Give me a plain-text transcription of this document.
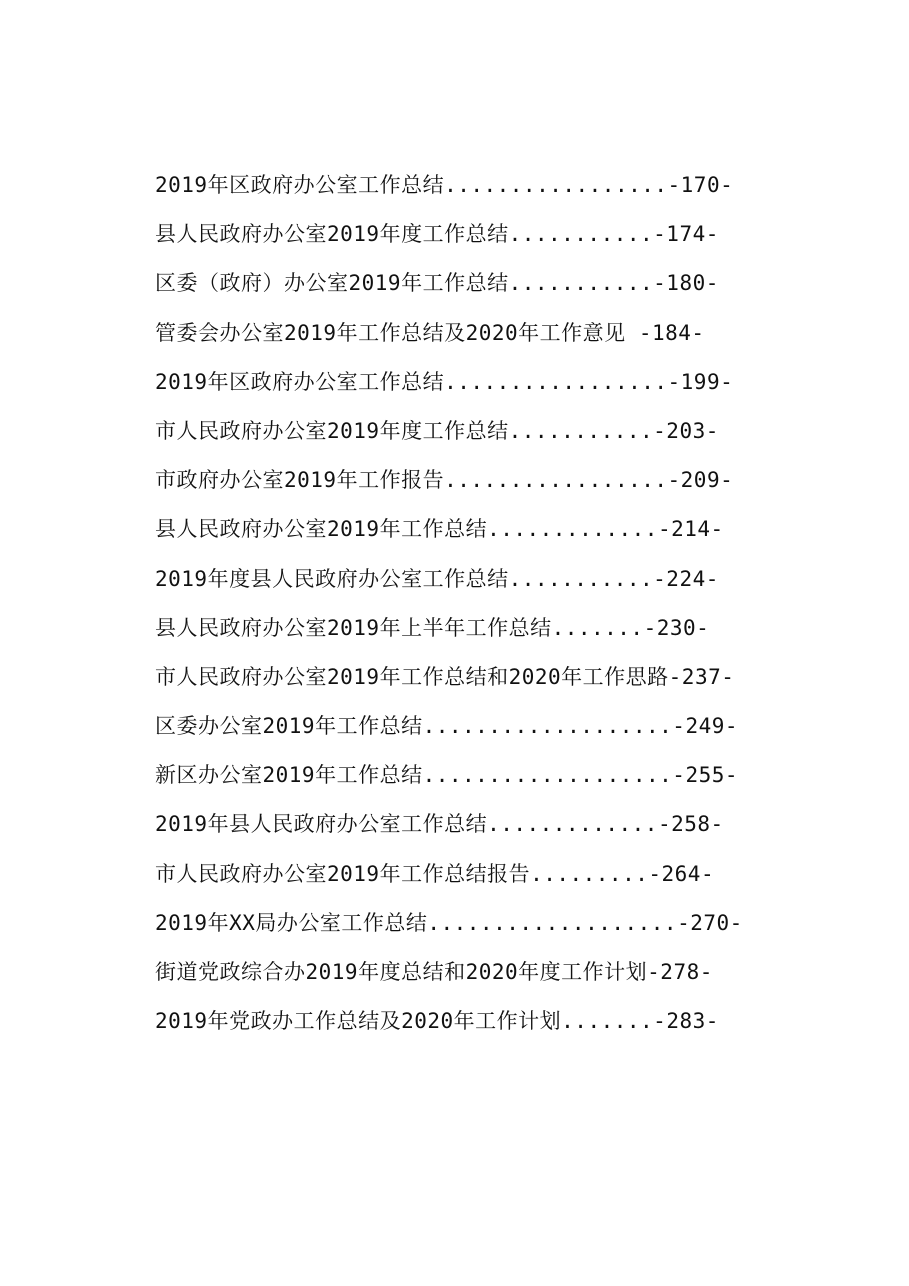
2019年区政府办公室工作总结.................-170-
县人民政府办公室2019年度工作总结...........-174-
区委（政府）办公室2019年工作总结...........-180-
管委会办公室2019年工作总结及2020年工作意见 -184-
2019年区政府办公室工作总结.................-199-
市人民政府办公室2019年度工作总结...........-203-
市政府办公室2019年工作报告.................-209-
县人民政府办公室2019年工作总结.............-214-
2019年度县人民政府办公室工作总结...........-224-
县人民政府办公室2019年上半年工作总结.......-230-
市人民政府办公室2019年工作总结和2020年工作思路-237-
区委办公室2019年工作总结...................-249-
新区办公室2019年工作总结...................-255-
2019年县人民政府办公室工作总结.............-258-
市人民政府办公室2019年工作总结报告.........-264-
2019年XX局办公室工作总结...................-270-
街道党政综合办2019年度总结和2020年度工作计划-278-
2019年党政办工作总结及2020年工作计划.......-283-
